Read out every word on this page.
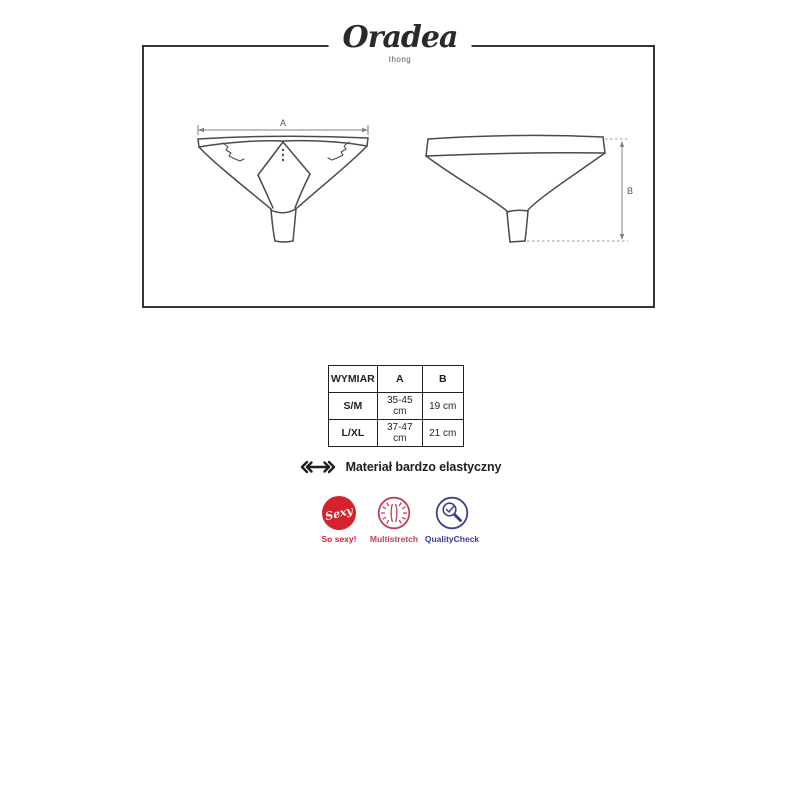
A
B
Oradea
thong
WYMIAR	A	B
S/M	35-45 cm	19 cm
L/XL	37-47 cm	21 cm
Materiał bardzo elastyczny
Sexy
So sexy! Multistretch QualityCheck
